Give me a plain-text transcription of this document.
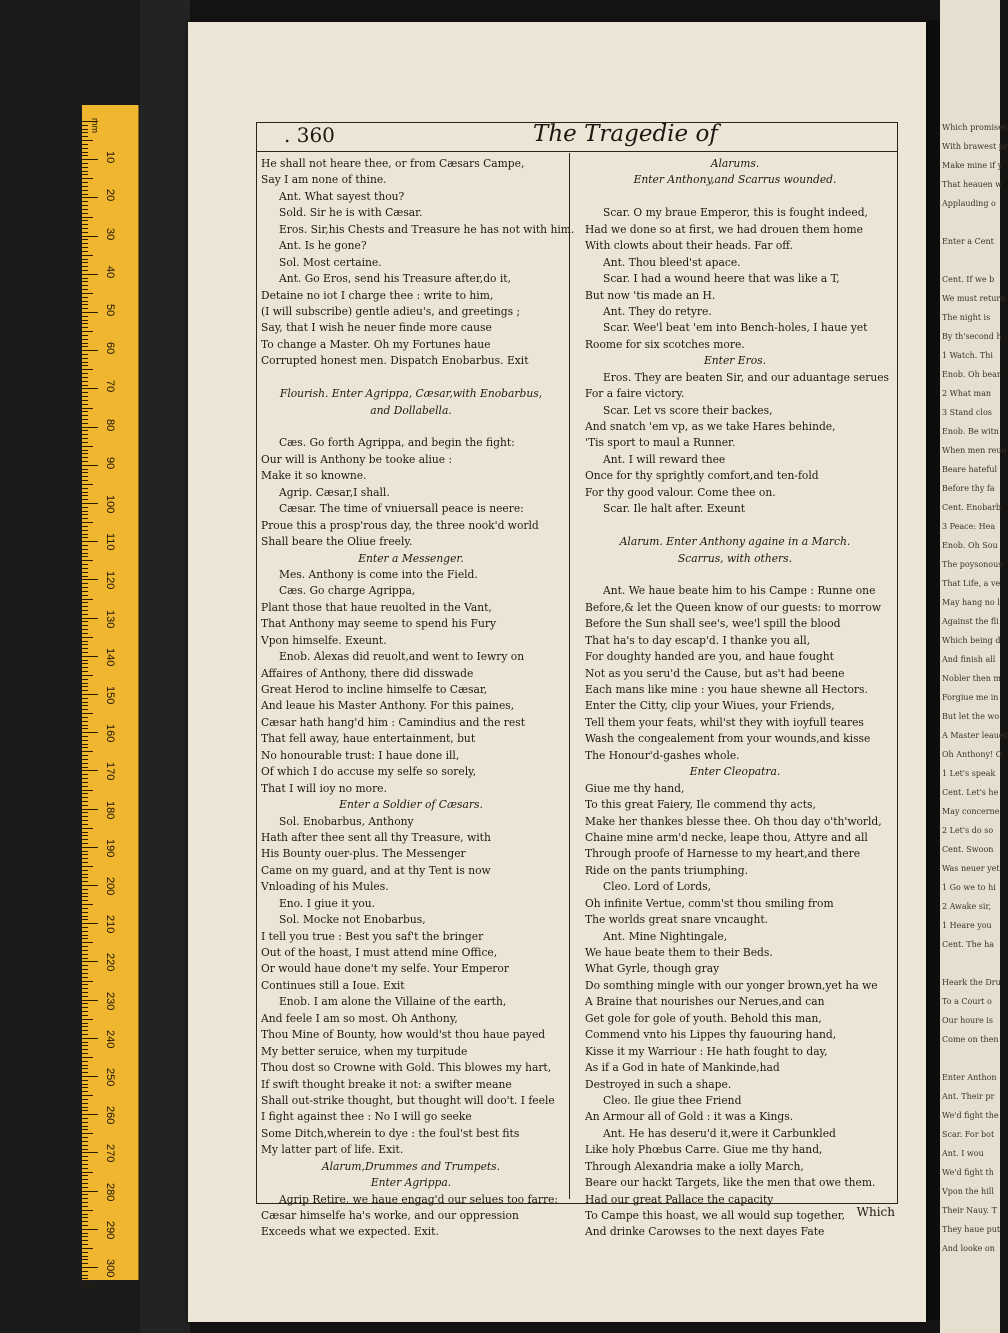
10
20
30
40
50
60
70
80
90
100
110
120
130
140
150
160
170
180
190
200
210
220
230
240
250
260
270
280
290
300
mm	Which promises
With brawest pr
Make mine if y
That heauen w
Applauding o
Enter a Cent
Cent. If we b
We must return
The night is
By th'second h
1 Watch. Thi
Enob. Oh bear
2 What man
3 Stand clos
Enob. Be witn
When men reuo
Beare hateful
Before thy fa
Cent. Enobarb
3 Peace: Hea
Enob. Oh Sou
The poysonous
That Life, a ve
May hang no l
Against the fli
Which being d
And finish all
Nobler then m
Forgiue me in
But let the wo
A Master leauer
Oh Anthony! O
1 Let's speak
Cent. Let's he
May concerne
2 Let's do so
Cent. Swoon
Was neuer yet
1 Go we to hi
2 Awake sir,
1 Heare you
Cent. The ha
Heark the Dru
To a Court o
Our houre is
Come on then
Enter Anthon
Ant. Their pr
We'd fight the
Scar. For bot
Ant. I wou
We'd fight th
Vpon the hill
Their Nauy. T
They haue put
And looke on
. 360	The Tragedie of
He shall not heare thee, or from Cæsars Campe,
Say I am none of thine.
Ant. What sayest thou?
Sold. Sir he is with Cæsar.
Eros. Sir,his Chests and Treasure he has not with him.
Ant. Is he gone?
Sol. Most certaine.
Ant. Go Eros, send his Treasure after,do it,
Detaine no iot I charge thee : write to him,
(I will subscribe) gentle adieu's, and greetings ;
Say, that I wish he neuer finde more cause
To change a Master. Oh my Fortunes haue
Corrupted honest men. Dispatch Enobarbus. Exit
Flourish. Enter Agrippa, Cæsar,with Enobarbus,
and Dollabella.
Cæs. Go forth Agrippa, and begin the fight:
Our will is Anthony be tooke aliue :
Make it so knowne.
Agrip. Cæsar,I shall.
Cæsar. The time of vniuersall peace is neere:
Proue this a prosp'rous day, the three nook'd world
Shall beare the Oliue freely.
Enter a Messenger.
Mes. Anthony is come into the Field.
Cæs. Go charge Agrippa,
Plant those that haue reuolted in the Vant,
That Anthony may seeme to spend his Fury
Vpon himselfe. Exeunt.
Enob. Alexas did reuolt,and went to Iewry on
Affaires of Anthony, there did disswade
Great Herod to incline himselfe to Cæsar,
And leaue his Master Anthony. For this paines,
Cæsar hath hang'd him : Camindius and the rest
That fell away, haue entertainment, but
No honourable trust: I haue done ill,
Of which I do accuse my selfe so sorely,
That I will ioy no more.
Enter a Soldier of Cæsars.
Sol. Enobarbus, Anthony
Hath after thee sent all thy Treasure, with
His Bounty ouer-plus. The Messenger
Came on my guard, and at thy Tent is now
Vnloading of his Mules.
Eno. I giue it you.
Sol. Mocke not Enobarbus,
I tell you true : Best you saf't the bringer
Out of the hoast, I must attend mine Office,
Or would haue done't my selfe. Your Emperor
Continues still a Ioue. Exit
Enob. I am alone the Villaine of the earth,
And feele I am so most. Oh Anthony,
Thou Mine of Bounty, how would'st thou haue payed
My better seruice, when my turpitude
Thou dost so Crowne with Gold. This blowes my hart,
If swift thought breake it not: a swifter meane
Shall out-strike thought, but thought will doo't. I feele
I fight against thee : No I will go seeke
Some Ditch,wherein to dye : the foul'st best fits
My latter part of life. Exit.
Alarum,Drummes and Trumpets.
Enter Agrippa.
Agrip Retire, we haue engag'd our selues too farre:
Cæsar himselfe ha's worke, and our oppression
Exceeds what we expected. Exit.
Alarums.
Enter Anthony,and Scarrus wounded.
Scar. O my braue Emperor, this is fought indeed,
Had we done so at first, we had drouen them home
With clowts about their heads. Far off.
Ant. Thou bleed'st apace.
Scar. I had a wound heere that was like a T,
But now 'tis made an H.
Ant. They do retyre.
Scar. Wee'l beat 'em into Bench-holes, I haue yet
Roome for six scotches more.
Enter Eros.
Eros. They are beaten Sir, and our aduantage serues
For a faire victory.
Scar. Let vs score their backes,
And snatch 'em vp, as we take Hares behinde,
'Tis sport to maul a Runner.
Ant. I will reward thee
Once for thy sprightly comfort,and ten-fold
For thy good valour. Come thee on.
Scar. Ile halt after. Exeunt
Alarum. Enter Anthony againe in a March.
Scarrus, with others.
Ant. We haue beate him to his Campe : Runne one
Before,& let the Queen know of our guests: to morrow
Before the Sun shall see's, wee'l spill the blood
That ha's to day escap'd. I thanke you all,
For doughty handed are you, and haue fought
Not as you seru'd the Cause, but as't had beene
Each mans like mine : you haue shewne all Hectors.
Enter the Citty, clip your Wiues, your Friends,
Tell them your feats, whil'st they with ioyfull teares
Wash the congealement from your wounds,and kisse
The Honour'd-gashes whole.
Enter Cleopatra.
Giue me thy hand,
To this great Faiery, Ile commend thy acts,
Make her thankes blesse thee. Oh thou day o'th'world,
Chaine mine arm'd necke, leape thou, Attyre and all
Through proofe of Harnesse to my heart,and there
Ride on the pants triumphing.
Cleo. Lord of Lords,
Oh infinite Vertue, comm'st thou smiling from
The worlds great snare vncaught.
Ant. Mine Nightingale,
We haue beate them to their Beds.
What Gyrle, though gray
Do somthing mingle with our yonger brown,yet ha we
A Braine that nourishes our Nerues,and can
Get gole for gole of youth. Behold this man,
Commend vnto his Lippes thy fauouring hand,
Kisse it my Warriour : He hath fought to day,
As if a God in hate of Mankinde,had
Destroyed in such a shape.
Cleo. Ile giue thee Friend
An Armour all of Gold : it was a Kings.
Ant. He has deseru'd it,were it Carbunkled
Like holy Phœbus Carre. Giue me thy hand,
Through Alexandria make a iolly March,
Beare our hackt Targets, like the men that owe them.
Had our great Pallace the capacity
To Campe this hoast, we all would sup together,
And drinke Carowses to the next dayes Fate
Which
